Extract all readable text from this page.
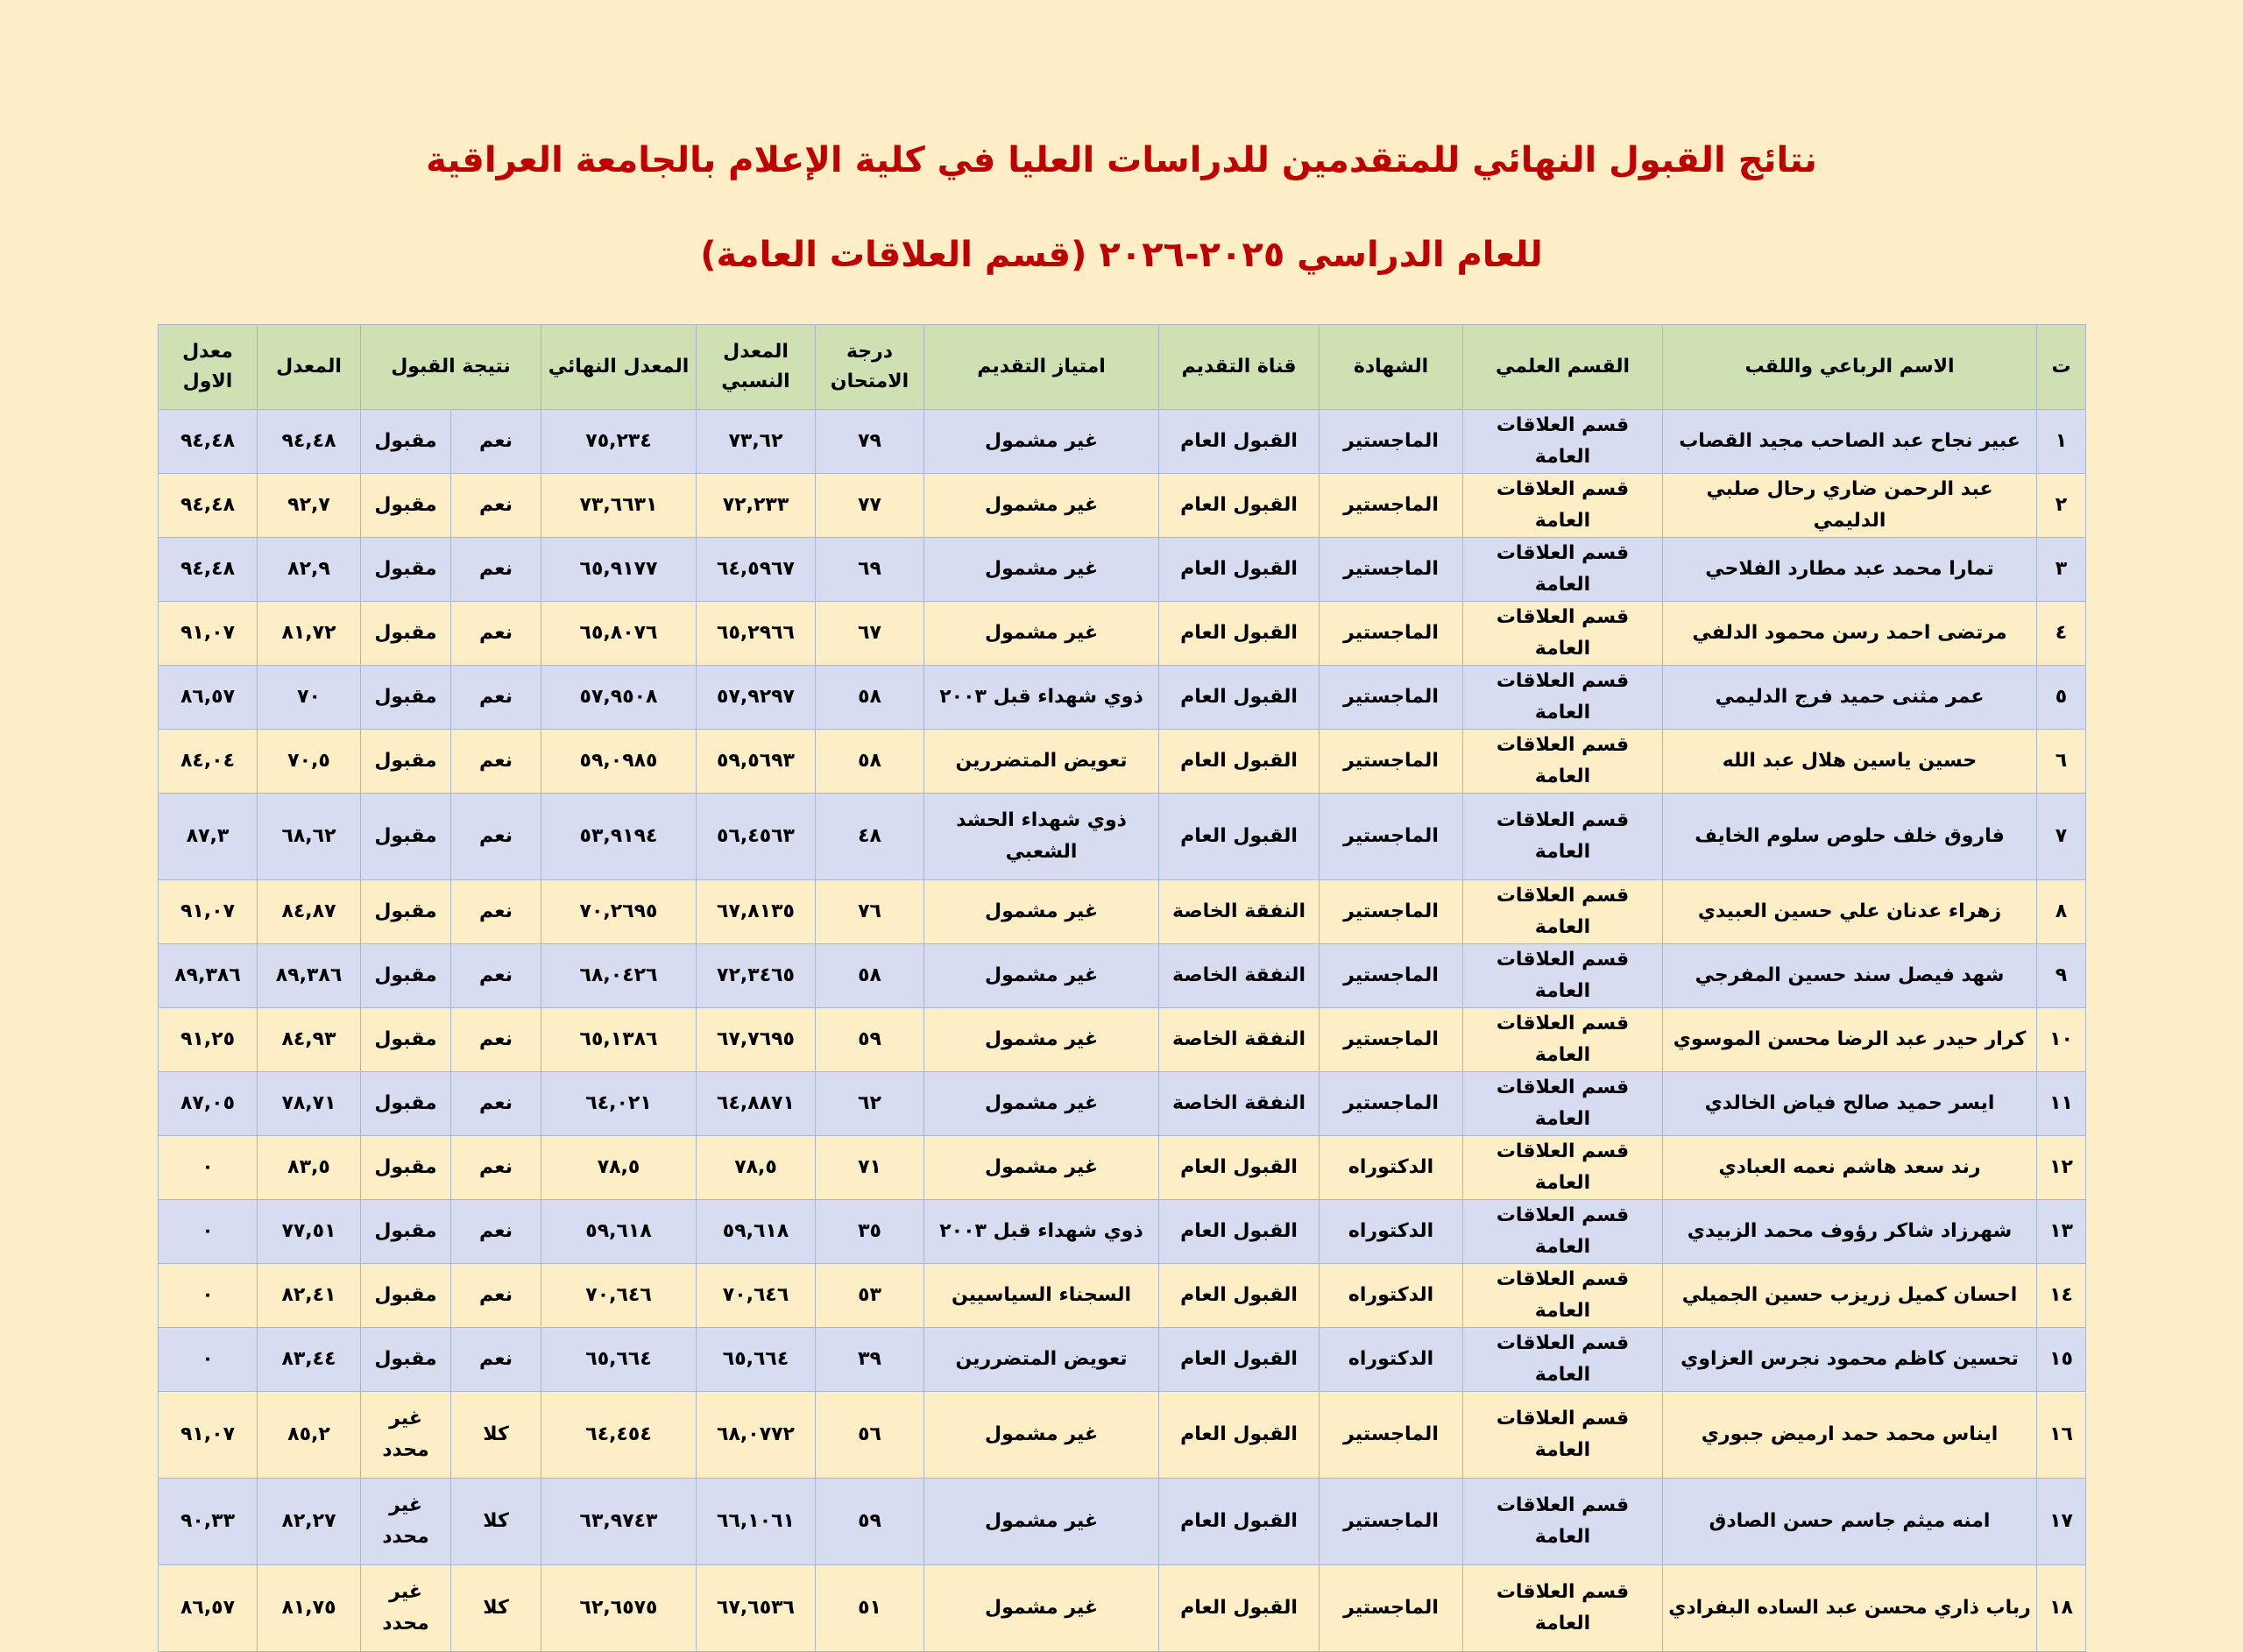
نتائج القبول النهائي للمتقدمين للدراسات العليا في كلية الإعلام بالجامعة العراقية
للعام الدراسي ٢٠٢٥-٢٠٢٦ (قسم العلاقات العامة)
ت	الاسم الرباعي واللقب	القسم العلمي	الشهادة	قناة التقديم	امتياز التقديم	درجة الامتحان	المعدل النسبي	المعدل النهائي	نتيجة القبول		المعدل	معدل الاول
١	عبير نجاح عبد الصاحب مجيد القصاب	قسم العلاقات العامة	الماجستير	القبول العام	غير مشمول	٧٩	٧٣,٦٢	٧٥,٢٣٤	نعم	مقبول	٩٤,٤٨	٩٤,٤٨
٢	عبد الرحمن ضاري رحال صلبي الدليمي	قسم العلاقات العامة	الماجستير	القبول العام	غير مشمول	٧٧	٧٢,٢٣٣	٧٣,٦٦٣١	نعم	مقبول	٩٢,٧	٩٤,٤٨
٣	تمارا محمد عبد مطارد الفلاحي	قسم العلاقات العامة	الماجستير	القبول العام	غير مشمول	٦٩	٦٤,٥٩٦٧	٦٥,٩١٧٧	نعم	مقبول	٨٢,٩	٩٤,٤٨
٤	مرتضى احمد رسن محمود الدلفي	قسم العلاقات العامة	الماجستير	القبول العام	غير مشمول	٦٧	٦٥,٢٩٦٦	٦٥,٨٠٧٦	نعم	مقبول	٨١,٧٢	٩١,٠٧
٥	عمر مثنى حميد فرج الدليمي	قسم العلاقات العامة	الماجستير	القبول العام	ذوي شهداء قبل ٢٠٠٣	٥٨	٥٧,٩٢٩٧	٥٧,٩٥٠٨	نعم	مقبول	٧٠	٨٦,٥٧
٦	حسين ياسين هلال عبد الله	قسم العلاقات العامة	الماجستير	القبول العام	تعويض المتضررين	٥٨	٥٩,٥٦٩٣	٥٩,٠٩٨٥	نعم	مقبول	٧٠,٥	٨٤,٠٤
٧	فاروق خلف حلوص سلوم الخايف	قسم العلاقات العامة	الماجستير	القبول العام	ذوي شهداء الحشد الشعبي	٤٨	٥٦,٤٥٦٣	٥٣,٩١٩٤	نعم	مقبول	٦٨,٦٢	٨٧,٣
٨	زهراء عدنان علي حسين العبيدي	قسم العلاقات العامة	الماجستير	النفقة الخاصة	غير مشمول	٧٦	٦٧,٨١٣٥	٧٠,٢٦٩٥	نعم	مقبول	٨٤,٨٧	٩١,٠٧
٩	شهد فيصل سند حسين المفرجي	قسم العلاقات العامة	الماجستير	النفقة الخاصة	غير مشمول	٥٨	٧٢,٣٤٦٥	٦٨,٠٤٢٦	نعم	مقبول	٨٩,٣٨٦	٨٩,٣٨٦
١٠	كرار حيدر عبد الرضا محسن الموسوي	قسم العلاقات العامة	الماجستير	النفقة الخاصة	غير مشمول	٥٩	٦٧,٧٦٩٥	٦٥,١٣٨٦	نعم	مقبول	٨٤,٩٣	٩١,٢٥
١١	ايسر حميد صالح فياض الخالدي	قسم العلاقات العامة	الماجستير	النفقة الخاصة	غير مشمول	٦٢	٦٤,٨٨٧١	٦٤,٠٢١	نعم	مقبول	٧٨,٧١	٨٧,٠٥
١٢	رند سعد هاشم نعمه العبادي	قسم العلاقات العامة	الدكتوراه	القبول العام	غير مشمول	٧١	٧٨,٥	٧٨,٥	نعم	مقبول	٨٣,٥	٠
١٣	شهرزاد شاكر رؤوف محمد الزبيدي	قسم العلاقات العامة	الدكتوراه	القبول العام	ذوي شهداء قبل ٢٠٠٣	٣٥	٥٩,٦١٨	٥٩,٦١٨	نعم	مقبول	٧٧,٥١	٠
١٤	احسان كميل زريزب حسين الجميلي	قسم العلاقات العامة	الدكتوراه	القبول العام	السجناء السياسيين	٥٣	٧٠,٦٤٦	٧٠,٦٤٦	نعم	مقبول	٨٢,٤١	٠
١٥	تحسين كاظم محمود نجرس العزاوي	قسم العلاقات العامة	الدكتوراه	القبول العام	تعويض المتضررين	٣٩	٦٥,٦٦٤	٦٥,٦٦٤	نعم	مقبول	٨٣,٤٤	٠
١٦	ايناس محمد حمد ارميض جبوري	قسم العلاقات العامة	الماجستير	القبول العام	غير مشمول	٥٦	٦٨,٠٧٧٢	٦٤,٤٥٤	كلا	غير محدد	٨٥,٢	٩١,٠٧
١٧	امنه ميثم جاسم حسن الصادق	قسم العلاقات العامة	الماجستير	القبول العام	غير مشمول	٥٩	٦٦,١٠٦١	٦٣,٩٧٤٣	كلا	غير محدد	٨٢,٢٧	٩٠,٣٣
١٨	رباب ذاري محسن عبد الساده البفرادي	قسم العلاقات العامة	الماجستير	القبول العام	غير مشمول	٥١	٦٧,٦٥٣٦	٦٢,٦٥٧٥	كلا	غير محدد	٨١,٧٥	٨٦,٥٧
